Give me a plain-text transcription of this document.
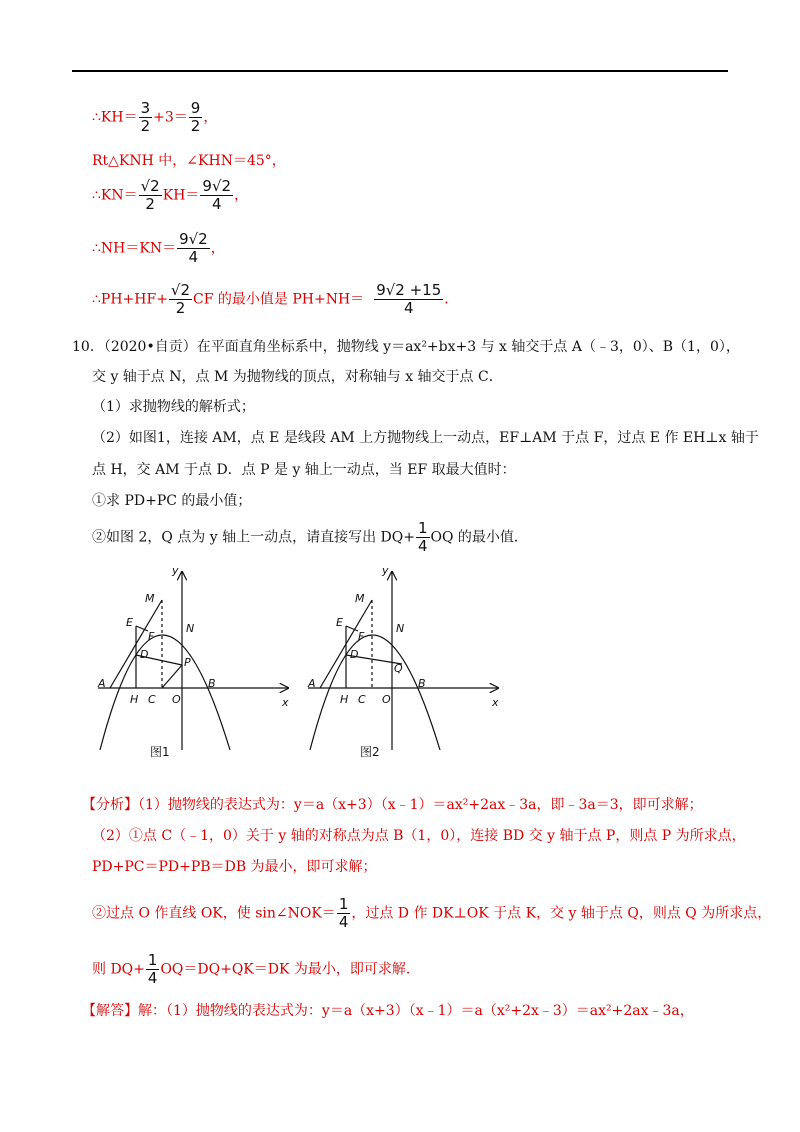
∴KH＝ $\frac{3}{2} +3= \frac{9}{2}$ ，
Rt△KNH 中，∠KHN＝45°，
∴KN＝ $\frac{√2}{2} KH= \frac{9√2}{4}$ ，
∴NH＝KN＝ $\frac{9√2}{4}$ ，
∴PH+HF+ $\frac{√2}{2}$ CF 的最小值是 $PH+NH= \frac{9√2 +15}{4}$ ．
10．（2020•自贡）在平面直角坐标系中，抛物线 y＝ax²+bx+3 与 x 轴交于点 A（﹣3，0）、B（1，0），
交 y 轴于点 N，点 M 为抛物线的顶点，对称轴与 x 轴交于点 C．
（1）求抛物线的解析式；
（2）如图1，连接 AM，点 E 是线段 AM 上方抛物线上一动点，EF⊥AM 于点 F，过点 E 作 EH⊥x 轴于
点 H，交 AM 于点 D．点 P 是 y 轴上一动点，当 EF 取最大值时：
①求 PD+PC 的最小值；
②如图 2，Q 点为 y 轴上一动点，请直接写出 $DQ+ \frac{1}{4}$ OQ 的最小值．
y
x
M
E
F
N
D
P
A
H C O
B
图1
y
x
M
E
F
N
D
Q
A
H C O
B
图2
【分析】（1）抛物线的表达式为：y＝a（x+3）（x﹣1）＝ax²+2ax﹣3a，即﹣3a＝3，即可求解；
（2）①点 C（﹣1，0）关于 y 轴的对称点为点 B（1，0），连接 BD 交 y 轴于点 P，则点 P 为所求点，
PD+PC＝PD+PB＝DB 为最小，即可求解；
②过点 O 作直线 OK，使 sin∠NOK＝ $\frac{1}{4}$ ，过点 D 作 DK⊥OK 于点 K，交 y 轴于点 Q，则点 Q 为所求点，
则 $DQ+ \frac{1}{4} OQ=DQ+QK=DK$ 为最小，即可求解．
【解答】解：（1）抛物线的表达式为：y＝a（x+3）（x﹣1）＝a（x²+2x﹣3）＝ax²+2ax﹣3a，
